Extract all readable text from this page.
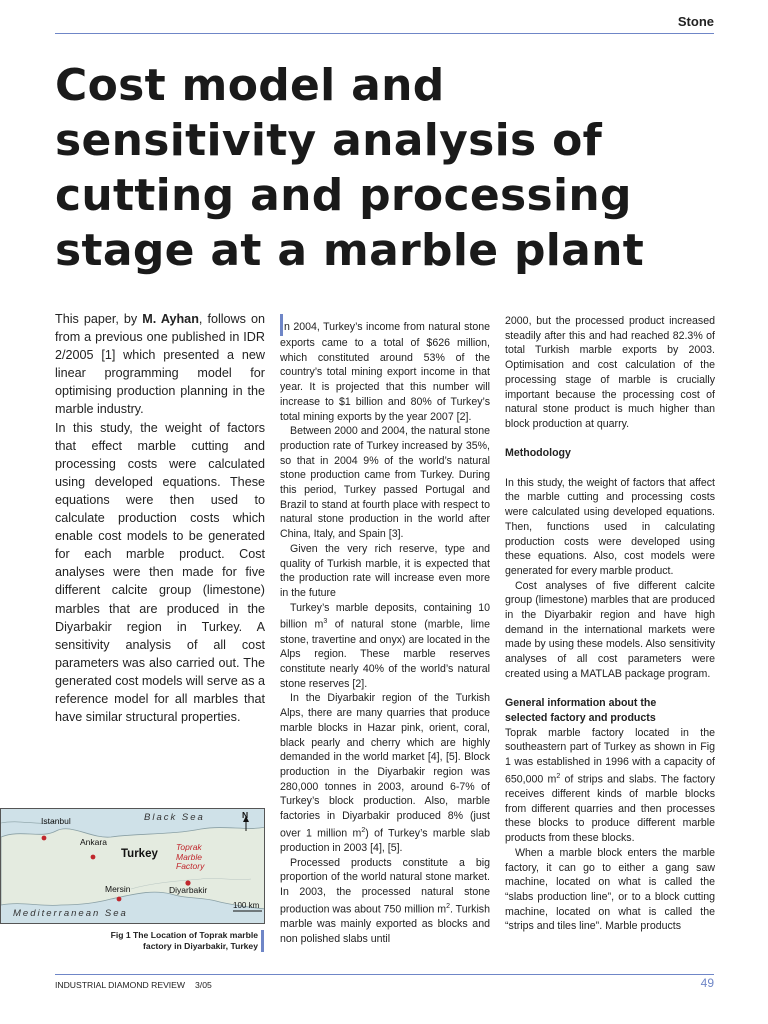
Stone
Cost model and
sensitivity analysis of
cutting and processing
stage at a marble plant

This paper, by M. Ayhan, follows on from a previous one published in IDR 2/2005 [1] which presented a new linear programming model for optimising production planning in the marble industry.

In this study, the weight of factors that effect marble cutting and processing costs were calculated using developed equations. These equations were then used to calculate production costs which enable cost models to be generated for each marble product. Cost analyses were then made for five different calcite group (limestone) marbles that are produced in the Diyarbakir region in Turkey. A sensitivity analysis of all cost parameters was also carried out. The generated cost models will serve as a reference model for all marbles that have similar structural properties.

n 2004, Turkey’s income from natural stone exports came to a total of $626 million, which constituted around 53% of the country’s total mining export income in that year. It is projected that this number will increase to $1 billion and 80% of Turkey’s total mining exports by the year 2007 [2].

Between 2000 and 2004, the natural stone production rate of Turkey increased by 35%, so that in 2004 9% of the world’s natural stone production came from Turkey. During this period, Turkey passed Portugal and Brazil to stand at fourth place with respect to natural stone production in the world after China, Italy, and Spain [3].

Given the very rich reserve, type and quality of Turkish marble, it is expected that the production rate will increase even more in the future

Turkey’s marble deposits, containing 10 billion $m^3$ of natural stone (marble, lime stone, travertine and onyx) are located in the Alps region. These marble reserves constitute nearly 40% of the world’s natural stone reserves [2].

In the Diyarbakir region of the Turkish Alps, there are many quarries that produce marble blocks in Hazar pink, orient, coral, black pearly and cherry which are highly demanded in the world market [4], [5]. Block production in the Diyarbakir region was 280,000 tonnes in 2003, around 6-7% of Turkey’s block production. Also, marble factories in Diyarbakir produced 8% (just over 1 million $m^2$) of Turkey’s marble slab production in 2003 [4], [5].

Processed products constitute a big proportion of the world natural stone market. In 2003, the processed natural stone production was about 750 million $m^2$. Turkish marble was mainly exported as blocks and non polished slabs until

2000, but the processed product increased steadily after this and had reached 82.3% of total Turkish marble exports by 2003. Optimisation and cost calculation of the processing stage of marble is crucially important because the processing cost of natural stone product is much higher than block production at quarry.

Methodology

In this study, the weight of factors that affect the marble cutting and processing costs were calculated using developed equations. Then, functions used in calculating production costs were developed using these equations. Also, cost models were generated for every marble product.

Cost analyses of five different calcite group (limestone) marbles that are produced in the Diyarbakir region and have high demand in the international markets were made by using these models. Also sensitivity analyses of all cost parameters were created using a MATLAB package program.

General information about the
selected factory and products

Toprak marble factory located in the southeastern part of Turkey as shown in Fig 1 was established in 1996 with a capacity of 650,000 $m^2$ of strips and slabs. The factory receives different kinds of marble blocks from different quarries and then processes these blocks to produce different marble products from these blocks.

When a marble block enters the marble factory, it can go to either a gang saw machine, located on what is called the “slabs production line”, or to a block cutting machine, located on what is called the “strips and tiles line”. Marble products

Black Sea
Mediterranean Sea
Turkey
Istanbul
Ankara
Mersin	Diyarbakir
Toprak
Marble
Factory
N
100 km
Fig 1 The Location of Toprak marble
factory in Diyarbakir, Turkey
INDUSTRIAL DIAMOND REVIEW 3/05	49
